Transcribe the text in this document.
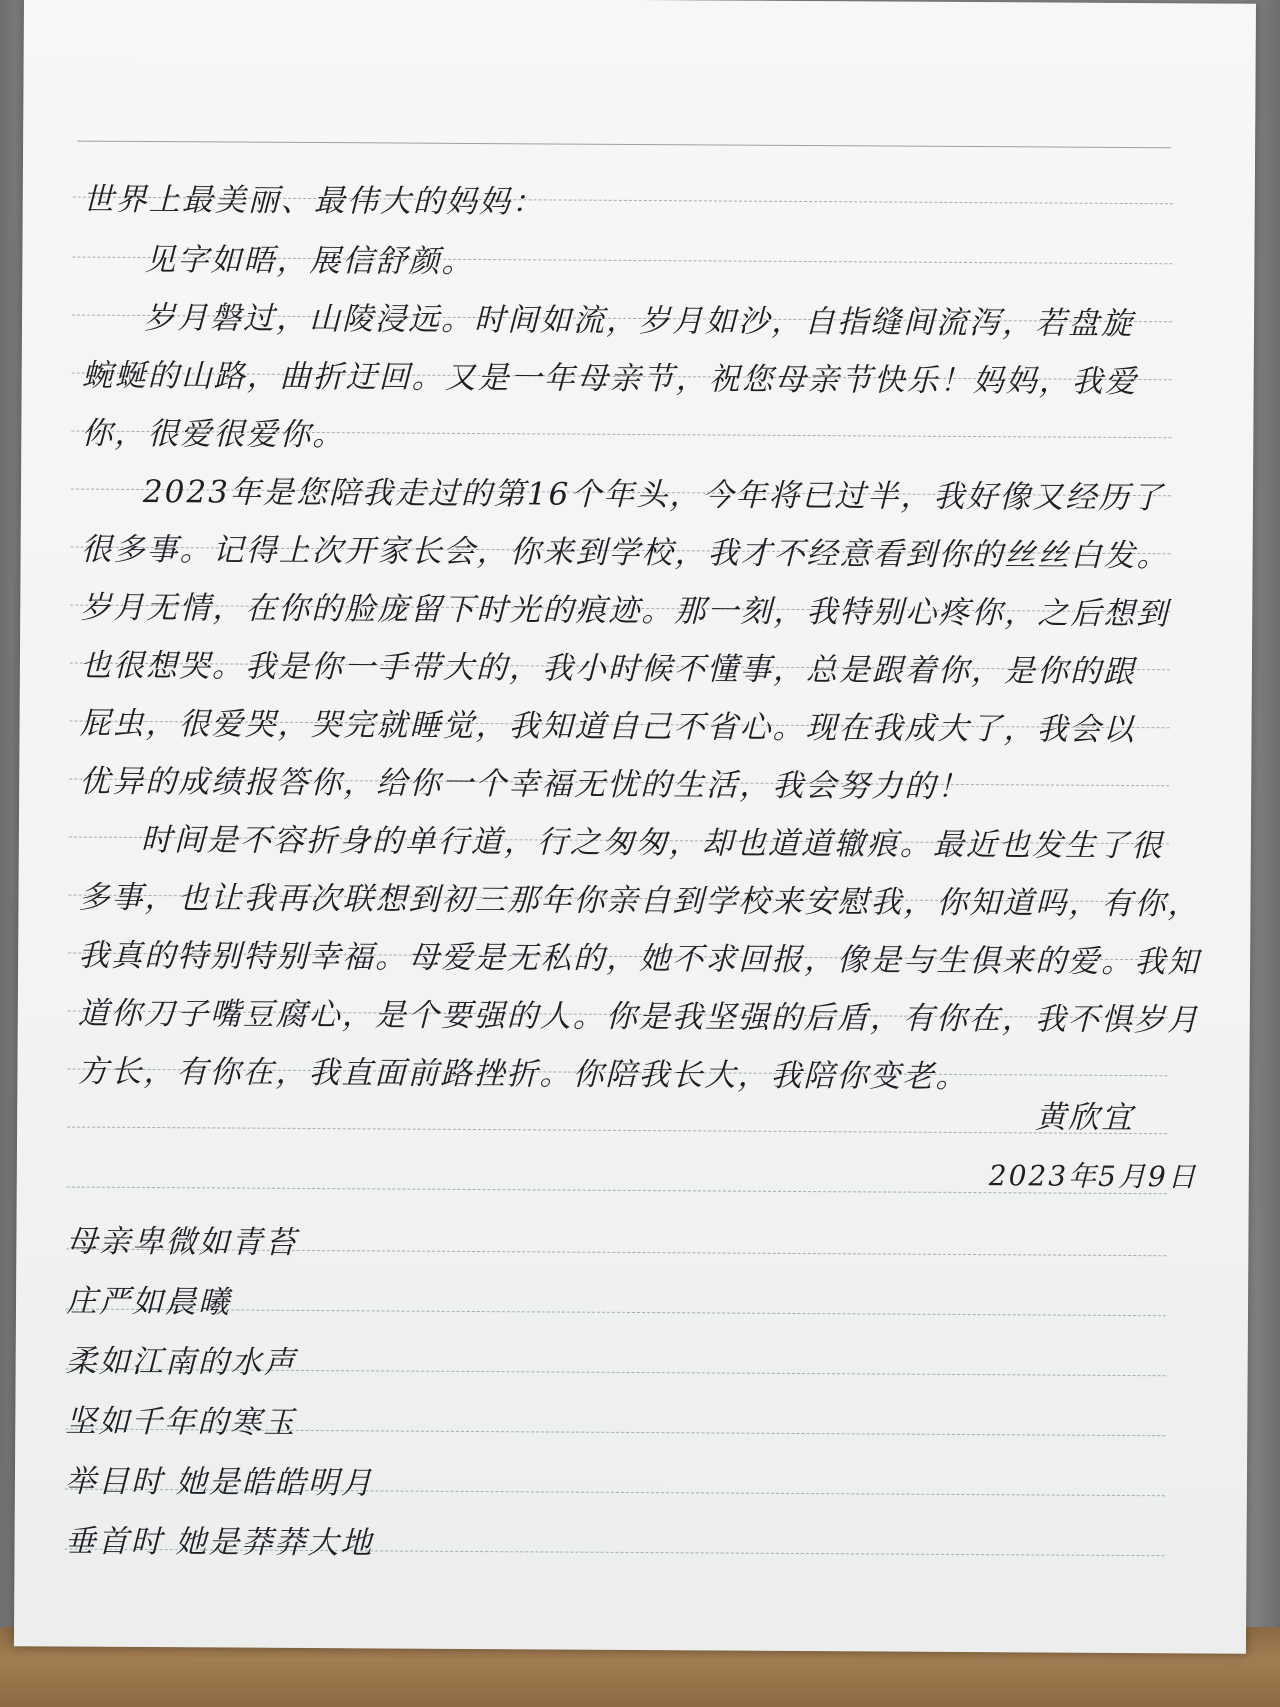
世界上最美丽、最伟大的妈妈：
见字如晤，展信舒颜。
岁月磐过，山陵浸远。时间如流，岁月如沙，自指缝间流泻，若盘旋
蜿蜒的山路，曲折迂回。又是一年母亲节，祝您母亲节快乐！妈妈，我爱
你，很爱很爱你。
2023年是您陪我走过的第16个年头，今年将已过半，我好像又经历了
很多事。记得上次开家长会，你来到学校，我才不经意看到你的丝丝白发。
岁月无情，在你的脸庞留下时光的痕迹。那一刻，我特别心疼你，之后想到
也很想哭。我是你一手带大的，我小时候不懂事，总是跟着你，是你的跟
屁虫，很爱哭，哭完就睡觉，我知道自己不省心。现在我成大了，我会以
优异的成绩报答你，给你一个幸福无忧的生活，我会努力的！
时间是不容折身的单行道，行之匆匆，却也道道辙痕。最近也发生了很
多事，也让我再次联想到初三那年你亲自到学校来安慰我，你知道吗，有你，
我真的特别特别幸福。母爱是无私的，她不求回报，像是与生俱来的爱。我知
道你刀子嘴豆腐心，是个要强的人。你是我坚强的后盾，有你在，我不惧岁月
方长，有你在，我直面前路挫折。你陪我长大，我陪你变老。
黄欣宜
2023年5月9日
母亲卑微如青苔
庄严如晨曦
柔如江南的水声
坚如千年的寒玉
举目时 她是皓皓明月
垂首时 她是莽莽大地
